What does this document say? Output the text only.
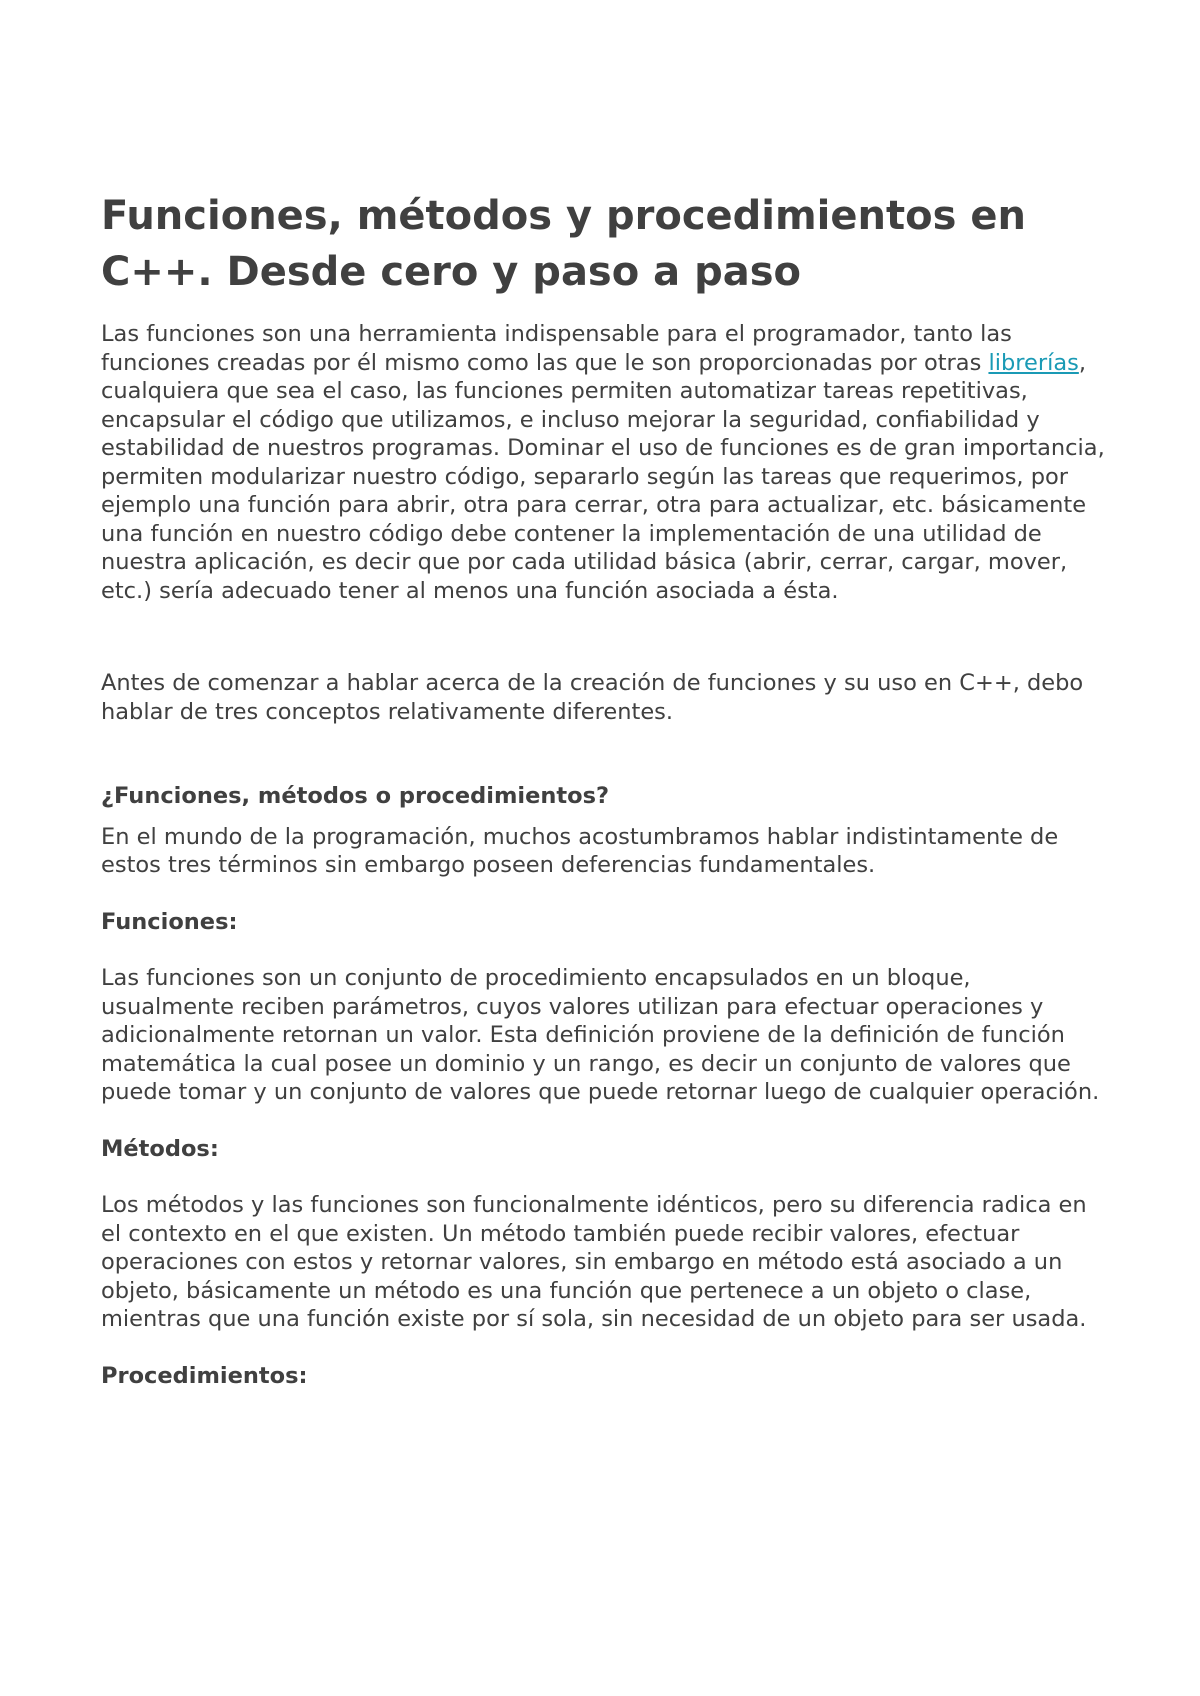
Funciones, métodos y procedimientos en C++. Desde cero y paso a paso

Las funciones son una herramienta indispensable para el programador, tanto las funciones creadas por él mismo como las que le son proporcionadas por otras librerías, cualquiera que sea el caso, las funciones permiten automatizar tareas repetitivas, encapsular el código que utilizamos, e incluso mejorar la seguridad, confiabilidad y estabilidad de nuestros programas. Dominar el uso de funciones es de gran importancia, permiten modularizar nuestro código, separarlo según las tareas que requerimos, por ejemplo una función para abrir, otra para cerrar, otra para actualizar, etc. básicamente una función en nuestro código debe contener la implementación de una utilidad de nuestra aplicación, es decir que por cada utilidad básica (abrir, cerrar, cargar, mover, etc.) sería adecuado tener al menos una función asociada a ésta.

Antes de comenzar a hablar acerca de la creación de funciones y su uso en C++, debo hablar de tres conceptos relativamente diferentes.

¿Funciones, métodos o procedimientos?

En el mundo de la programación, muchos acostumbramos hablar indistintamente de estos tres términos sin embargo poseen deferencias fundamentales.

Funciones:

Las funciones son un conjunto de procedimiento encapsulados en un bloque, usualmente reciben parámetros, cuyos valores utilizan para efectuar operaciones y adicionalmente retornan un valor. Esta definición proviene de la definición de función matemática la cual posee un dominio y un rango, es decir un conjunto de valores que puede tomar y un conjunto de valores que puede retornar luego de cualquier operación.

Métodos:

Los métodos y las funciones son funcionalmente idénticos, pero su diferencia radica en el contexto en el que existen. Un método también puede recibir valores, efectuar operaciones con estos y retornar valores, sin embargo en método está asociado a un objeto, básicamente un método es una función que pertenece a un objeto o clase, mientras que una función existe por sí sola, sin necesidad de un objeto para ser usada.

Procedimientos:
